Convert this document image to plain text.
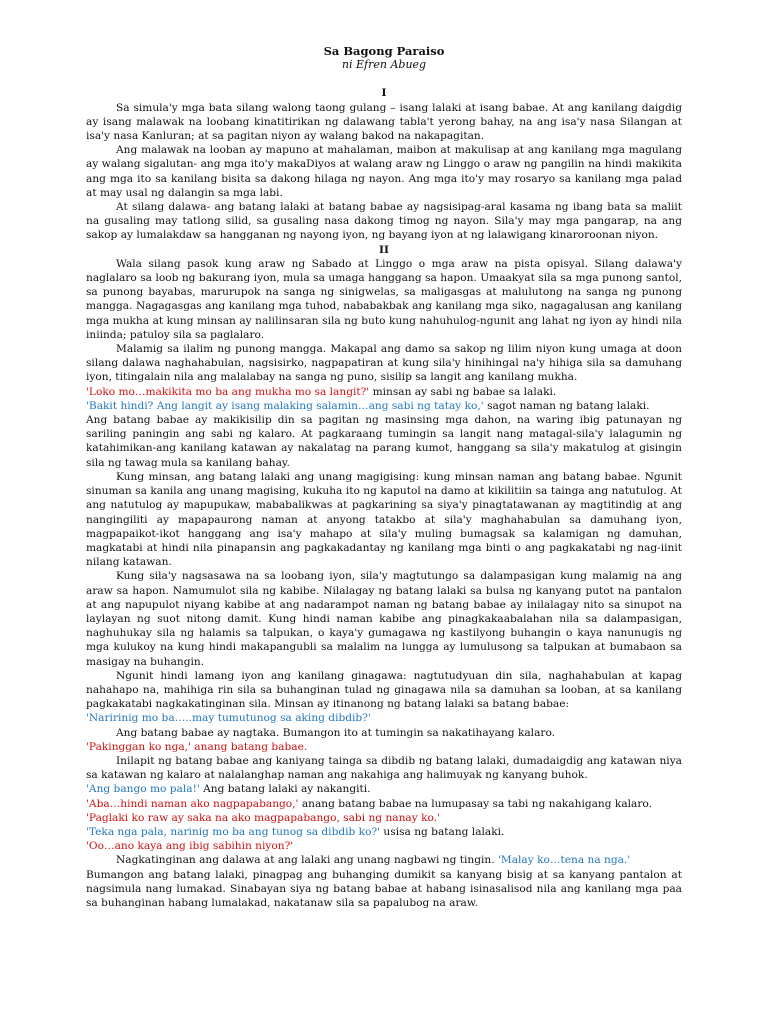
Sa Bagong Paraiso
ni Efren Abueg
I

Sa simula'y mga bata silang walong taong gulang – isang lalaki at isang babae. At ang kanilang daigdig ay isang malawak na loobang kinatitirikan ng dalawang tabla't yerong bahay, na ang isa'y nasa Silangan at isa'y nasa Kanluran; at sa pagitan niyon ay walang bakod na nakapagitan.

Ang malawak na looban ay mapuno at mahalaman, maibon at makulisap at ang kanilang mga magulang ay walang sigalutan- ang mga ito'y makaDiyos at walang araw ng Linggo o araw ng pangilin na hindi makikita ang mga ito sa kanilang bisita sa dakong hilaga ng nayon. Ang mga ito'y may rosaryo sa kanilang mga palad at may usal ng dalangin sa mga labi.

At silang dalawa- ang batang lalaki at batang babae ay nagsisipag-aral kasama ng ibang bata sa maliit na gusaling may tatlong silid, sa gusaling nasa dakong timog ng nayon. Sila'y may mga pangarap, na ang sakop ay lumalakdaw sa hangganan ng nayong iyon, ng bayang iyon at ng lalawigang kinaroroonan niyon.

II

Wala silang pasok kung araw ng Sabado at Linggo o mga araw na pista opisyal. Silang dalawa'y naglalaro sa loob ng bakurang iyon, mula sa umaga hanggang sa hapon. Umaakyat sila sa mga punong santol, sa punong bayabas, marurupok na sanga ng sinigwelas, sa maligasgas at malulutong na sanga ng punong mangga. Nagagasgas ang kanilang mga tuhod, nababakbak ang kanilang mga siko, nagagalusan ang kanilang mga mukha at kung minsan ay nalilinsaran sila ng buto kung nahuhulog-ngunit ang lahat ng iyon ay hindi nila iniinda; patuloy sila sa paglalaro.

Malamig sa ilalim ng punong mangga. Makapal ang damo sa sakop ng lilim niyon kung umaga at doon silang dalawa naghahabulan, nagsisirko, nagpapatiran at kung sila'y hinihingal na'y hihiga sila sa damuhang iyon, titingalain nila ang malalabay na sanga ng puno, sisilip sa langit ang kanilang mukha.

'Loko mo…makikita mo ba ang mukha mo sa langit?' minsan ay sabi ng babae sa lalaki.

'Bakit hindi? Ang langit ay isang malaking salamin…ang sabi ng tatay ko,' sagot naman ng batang lalaki.

Ang batang babae ay makikisilip din sa pagitan ng masinsing mga dahon, na waring ibig patunayan ng sariling paningin ang sabi ng kalaro. At pagkaraang tumingin sa langit nang matagal-sila'y lalagumin ng katahimikan-ang kanilang katawan ay nakalatag na parang kumot, hanggang sa sila'y makatulog at gisingin sila ng tawag mula sa kanilang bahay.

Kung minsan, ang batang lalaki ang unang magigising: kung minsan naman ang batang babae. Ngunit sinuman sa kanila ang unang magising, kukuha ito ng kaputol na damo at kikilitiin sa tainga ang natutulog. At ang natutulog ay mapupukaw, mababalikwas at pagkarining sa siya'y pinagtatawanan ay magtitindig at ang nangingiliti ay mapapaurong naman at anyong tatakbo at sila'y maghahabulan sa damuhang iyon, magpapaikot-ikot hanggang ang isa'y mahapo at sila'y muling bumagsak sa kalamigan ng damuhan, magkatabi at hindi nila pinapansin ang pagkakadantay ng kanilang mga binti o ang pagkakatabi ng nag-iinit nilang katawan.

Kung sila'y nagsasawa na sa loobang iyon, sila'y magtutungo sa dalampasigan kung malamig na ang araw sa hapon. Namumulot sila ng kabibe. Nilalagay ng batang lalaki sa bulsa ng kanyang putot na pantalon at ang napupulot niyang kabibe at ang nadarampot naman ng batang babae ay inilalagay nito sa sinupot na laylayan ng suot nitong damit. Kung hindi naman kabibe ang pinagkakaabalahan nila sa dalampasigan, naghuhukay sila ng halamis sa talpukan, o kaya'y gumagawa ng kastilyong buhangin o kaya nanunugis ng mga kulukoy na kung hindi makapangubli sa malalim na lungga ay lumulusong sa talpukan at bumabaon sa masigay na buhangin.

Ngunit hindi lamang iyon ang kanilang ginagawa: nagtutudyuan din sila, naghahabulan at kapag nahahapo na, mahihiga rin sila sa buhanginan tulad ng ginagawa nila sa damuhan sa looban, at sa kanilang pagkakatabi nagkakatinginan sila. Minsan ay itinanong ng batang lalaki sa batang babae:

'Naririnig mo ba…..may tumutunog sa aking dibdib?'

Ang batang babae ay nagtaka. Bumangon ito at tumingin sa nakatihayang kalaro.

'Pakinggan ko nga,' anang batang babae.

Inilapit ng batang babae ang kaniyang tainga sa dibdib ng batang lalaki, dumadaigdig ang katawan niya sa katawan ng kalaro at nalalanghap naman ang nakahiga ang halimuyak ng kanyang buhok.

'Ang bango mo pala!' Ang batang lalaki ay nakangiti.

'Aba…hindi naman ako nagpapabango,' anang batang babae na lumupasay sa tabi ng nakahigang kalaro.

'Paglaki ko raw ay saka na ako magpapabango, sabi ng nanay ko.'

'Teka nga pala, narinig mo ba ang tunog sa dibdib ko?' usisa ng batang lalaki.

'Oo…ano kaya ang ibig sabihin niyon?'

Nagkatinginan ang dalawa at ang lalaki ang unang nagbawi ng tingin. 'Malay ko…tena na nga.'

Bumangon ang batang lalaki, pinagpag ang buhanging dumikit sa kanyang bisig at sa kanyang pantalon at nagsimula nang lumakad. Sinabayan siya ng batang babae at habang isinasalisod nila ang kanilang mga paa sa buhanginan habang lumalakad, nakatanaw sila sa papalubog na araw.
